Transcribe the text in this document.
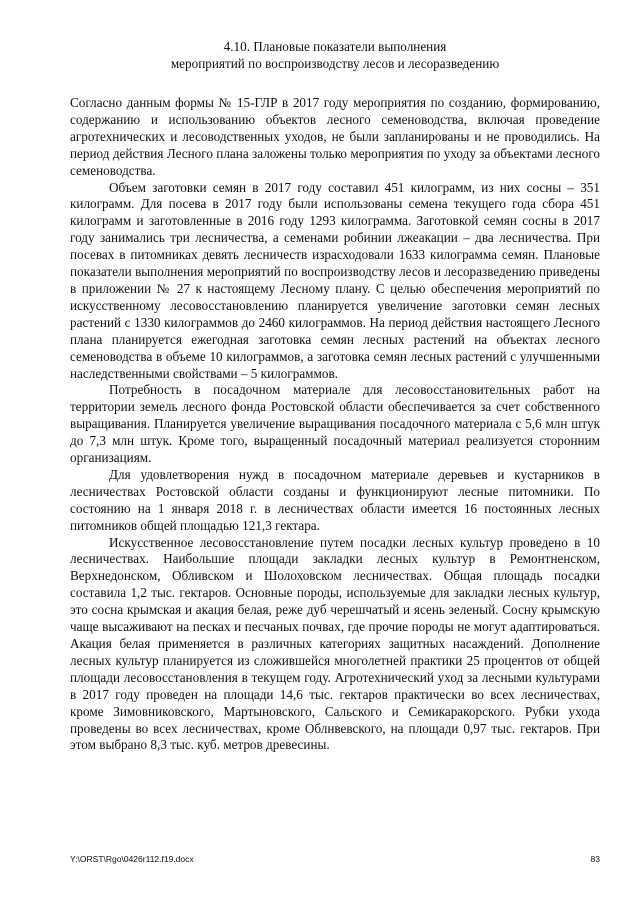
4.10. Плановые показатели выполнения
мероприятий по воспроизводству лесов и лесоразведению

Согласно данным формы № 15-ГЛР в 2017 году мероприятия по созданию, формированию, содержанию и использованию объектов лесного семеноводства, включая проведение агротехнических и лесоводственных уходов, не были запланированы и не проводились. На период действия Лесного плана заложены только мероприятия по уходу за объектами лесного семеноводства.

Объем заготовки семян в 2017 году составил 451 килограмм, из них сосны – 351 килограмм. Для посева в 2017 году были использованы семена текущего года сбора 451 килограмм и заготовленные в 2016 году 1293 килограмма. Заготовкой семян сосны в 2017 году занимались три лесничества, а семенами робинии лжеакации – два лесничества. При посевах в питомниках девять лесничеств израсходовали 1633 килограмма семян. Плановые показатели выполнения мероприятий по воспроизводству лесов и лесоразведению приведены в приложении № 27 к настоящему Лесному плану. С целью обеспечения мероприятий по искусственному лесовосстановлению планируется увеличение заготовки семян лесных растений с 1330 килограммов до 2460 килограммов. На период действия настоящего Лесного плана планируется ежегодная заготовка семян лесных растений на объектах лесного семеноводства в объеме 10 килограммов, а заготовка семян лесных растений с улучшенными наследственными свойствами – 5 килограммов.

Потребность в посадочном материале для лесовосстановительных работ на территории земель лесного фонда Ростовской области обеспечивается за счет собственного выращивания. Планируется увеличение выращивания посадочного материала с 5,6 млн штук до 7,3 млн штук. Кроме того, выращенный посадочный материал реализуется сторонним организациям.

Для удовлетворения нужд в посадочном материале деревьев и кустарников в лесничествах Ростовской области созданы и функционируют лесные питомники. По состоянию на 1 января 2018 г. в лесничествах области имеется 16 постоянных лесных питомников общей площадью 121,3 гектара.

Искусственное лесовосстановление путем посадки лесных культур проведено в 10 лесничествах. Наибольшие площади закладки лесных культур в Ремонтненском, Верхнедонском, Обливском и Шолоховском лесничествах. Общая площадь посадки составила 1,2 тыс. гектаров. Основные породы, используемые для закладки лесных культур, это сосна крымская и акация белая, реже дуб черешчатый и ясень зеленый. Сосну крымскую чаще высаживают на песках и песчаных почвах, где прочие породы не могут адаптироваться. Акация белая применяется в различных категориях защитных насаждений. Дополнение лесных культур планируется из сложившейся многолетней практики 25 процентов от общей площади лесовосстановления в текущем году. Агротехнический уход за лесными культурами в 2017 году проведен на площади 14,6 тыс. гектаров практически во всех лесничествах, кроме Зимовниковского, Мартыновского, Сальского и Семикаракорского. Рубки ухода проведены во всех лесничествах, кроме Облнвевского, на площади 0,97 тыс. гектаров. При этом выбрано 8,3 тыс. куб. метров древесины.

Y:\ORST\Rgo\0426r112.f19.docx	83
